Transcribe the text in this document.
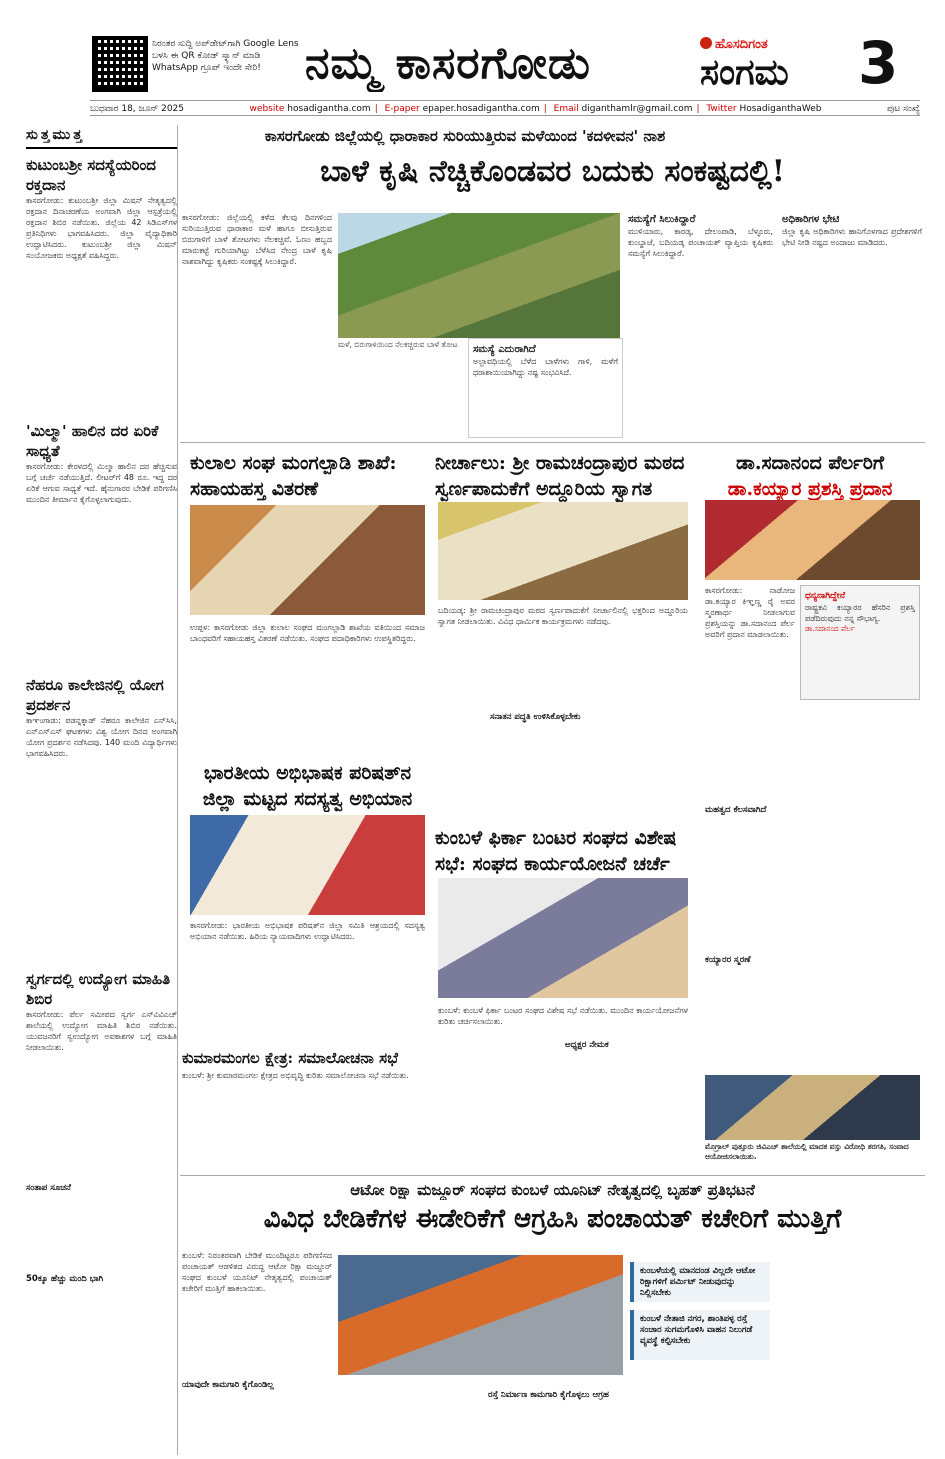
ನಿರಂತರ ಸುದ್ದಿ ಅಪ್‌ಡೇಟ್‌ಗಾಗಿ Google Lens ಬಳಸಿ ಈ QR ಕೋಡ್ ಸ್ಕ್ಯಾನ್ ಮಾಡಿ WhatsApp ಗ್ರೂಪ್ ಇಂದೇ ಸೇರಿ!	ನಮ್ಮ ಕಾಸರಗೋಡು	ಹೊಸದಿಗಂತ
ಸಂಗಮ 3
ಬುಧವಾರ 18, ಜೂನ್ 2025	website hosadigantha.com | E-paper epaper.hosadigantha.com | Email diganthamlr@gmail.com | Twitter HosadiganthaWeb	ಪುಟ ಸಂಖ್ಯೆ
ಸುತ್ತಮುತ್ತ
ಕುಟುಂಬಶ್ರೀ ಸದಸ್ಯೆಯರಿಂದ ರಕ್ತದಾನ

ಕಾಸರಗೋಡು: ಕುಟುಂಬಶ್ರೀ ಜಿಲ್ಲಾ ಮಿಷನ್ ನೇತೃತ್ವದಲ್ಲಿ ರಕ್ತದಾನ ದಿನಾಚರಣೆಯ ಅಂಗವಾಗಿ ಜಿಲ್ಲಾ ಆಸ್ಪತ್ರೆಯಲ್ಲಿ ರಕ್ತದಾನ ಶಿಬಿರ ನಡೆಯಿತು. ಜಿಲ್ಲೆಯ 42 ಸಿಡಿಎಸ್‌ಗಳ ಪ್ರತಿನಿಧಿಗಳು ಭಾಗವಹಿಸಿದರು. ಜಿಲ್ಲಾ ವೈದ್ಯಾಧಿಕಾರಿ ಉದ್ಘಾಟಿಸಿದರು. ಕುಟುಂಬಶ್ರೀ ಜಿಲ್ಲಾ ಮಿಷನ್ ಸಂಯೋಜಕರು ಅಧ್ಯಕ್ಷತೆ ವಹಿಸಿದ್ದರು.

'ಮಿಲ್ಮಾ' ಹಾಲಿನ ದರ ಏರಿಕೆ ಸಾಧ್ಯತೆ

ಕಾಸರಗೋಡು: ಕೇರಳದಲ್ಲಿ ಮಿಲ್ಮಾ ಹಾಲಿನ ದರ ಹೆಚ್ಚಿಸುವ ಬಗ್ಗೆ ಚರ್ಚೆ ನಡೆಯುತ್ತಿದೆ. ಲೀಟರ್‌ಗೆ 48 ರೂ. ಇದ್ದ ದರ ಏರಿಕೆ ಆಗುವ ಸಾಧ್ಯತೆ ಇದೆ. ಹೈನುಗಾರರ ಬೇಡಿಕೆ ಪರಿಗಣಿಸಿ ಮುಂದಿನ ತೀರ್ಮಾನ ಕೈಗೊಳ್ಳಲಾಗುವುದು.

ನೆಹರೂ ಕಾಲೇಜಿನಲ್ಲಿ ಯೋಗ ಪ್ರದರ್ಶನ

ಕಾಞಂಗಾಡು: ಪಡನ್ನಕ್ಕಾಡ್ ನೆಹರೂ ಕಾಲೇಜಿನ ಎನ್‌ಸಿಸಿ, ಎನ್‌ಎಸ್‌ಎಸ್ ಘಟಕಗಳು ವಿಶ್ವ ಯೋಗ ದಿನದ ಅಂಗವಾಗಿ ಯೋಗ ಪ್ರದರ್ಶನ ನಡೆಸಿದವು. 140 ಮಂದಿ ವಿದ್ಯಾರ್ಥಿಗಳು ಭಾಗವಹಿಸಿದರು.

ಸ್ವರ್ಗದಲ್ಲಿ ಉದ್ಯೋಗ ಮಾಹಿತಿ ಶಿಬಿರ

ಕಾಸರಗೋಡು: ಪೆರ್ಲ ಸಮೀಪದ ಸ್ವರ್ಗ ಎಸ್‌ವಿವಿಎಚ್ ಶಾಲೆಯಲ್ಲಿ ಉದ್ಯೋಗ ಮಾಹಿತಿ ಶಿಬಿರ ನಡೆಯಿತು. ಯುವಜನರಿಗೆ ಸ್ವಉದ್ಯೋಗ ಅವಕಾಶಗಳ ಬಗ್ಗೆ ಮಾಹಿತಿ ನೀಡಲಾಯಿತು.

ಸಂತಾಪ ಸೂಚನೆ
50ಕ್ಕೂ ಹೆಚ್ಚು ಮಂದಿ ಭಾಗಿ
ಕಾಸರಗೋಡು ಜಿಲ್ಲೆಯಲ್ಲಿ ಧಾರಾಕಾರ ಸುರಿಯುತ್ತಿರುವ ಮಳೆಯಿಂದ 'ಕದಳೀವನ' ನಾಶ
ಬಾಳೆ ಕೃಷಿ ನೆಚ್ಚಿಕೊಂಡವರ ಬದುಕು ಸಂಕಷ್ಟದಲ್ಲಿ!

ಕಾಸರಗೋಡು: ಜಿಲ್ಲೆಯಲ್ಲಿ ಕಳೆದ ಕೆಲವು ದಿನಗಳಿಂದ ಸುರಿಯುತ್ತಿರುವ ಧಾರಾಕಾರ ಮಳೆ ಹಾಗೂ ಬೀಸುತ್ತಿರುವ ಬಿರುಗಾಳಿಗೆ ಬಾಳೆ ತೋಟಗಳು ನೆಲಕಚ್ಚಿವೆ. ಓಣಂ ಹಬ್ಬದ ಮಾರುಕಟ್ಟೆ ಗುರಿಯಾಗಿಟ್ಟು ಬೆಳೆಸಿದ ನೇಂದ್ರ ಬಾಳೆ ಕೃಷಿ ನಾಶವಾಗಿದ್ದು ಕೃಷಿಕರು ಸಂಕಷ್ಟಕ್ಕೆ ಸಿಲುಕಿದ್ದಾರೆ.

ಮಳೆ, ಬಿರುಗಾಳಿಯಿಂದ ನೆಲಕಚ್ಚಿರುವ ಬಾಳೆ ತೋಟ	ಸಮಸ್ಯೆ ಎದುರಾಗಿದೆ

ಅಲ್ಪಾವಧಿಯಲ್ಲಿ ಬೆಳೆದ ಬಾಳೆಗಳು ಗಾಳಿ, ಮಳೆಗೆ ಧರಾಶಾಯಿಯಾಗಿದ್ದು ನಷ್ಟ ಸಂಭವಿಸಿದೆ.

ಸಮಸ್ಯೆಗೆ ಸಿಲುಕಿದ್ದಾರೆ

ಮುಳಿಯಾರು, ಕಾರಡ್ಕ, ದೇಲಂಪಾಡಿ, ಬೆಳ್ಳೂರು, ಕುಂಬ್ಡಾಜೆ, ಬದಿಯಡ್ಕ ಪಂಚಾಯತ್ ವ್ಯಾಪ್ತಿಯ ಕೃಷಿಕರು ಸಮಸ್ಯೆಗೆ ಸಿಲುಕಿದ್ದಾರೆ.

ಅಧಿಕಾರಿಗಳ ಭೇಟಿ

ಜಿಲ್ಲಾ ಕೃಷಿ ಅಧಿಕಾರಿಗಳು ಹಾನಿಗೊಳಗಾದ ಪ್ರದೇಶಗಳಿಗೆ ಭೇಟಿ ನೀಡಿ ನಷ್ಟದ ಅಂದಾಜು ಮಾಡಿದರು.

ಕುಲಾಲ ಸಂಘ ಮಂಗಲ್ಪಾಡಿ ಶಾಖೆ: ಸಹಾಯಹಸ್ತ ವಿತರಣೆ

ಉಪ್ಪಳ: ಕಾಸರಗೋಡು ಜಿಲ್ಲಾ ಕುಲಾಲ ಸಂಘದ ಮಂಗಲ್ಪಾಡಿ ಶಾಖೆಯ ವತಿಯಿಂದ ಸಮಾಜ ಬಾಂಧವರಿಗೆ ಸಹಾಯಹಸ್ತ ವಿತರಣೆ ನಡೆಯಿತು. ಸಂಘದ ಪದಾಧಿಕಾರಿಗಳು ಉಪಸ್ಥಿತರಿದ್ದರು.

ನೀರ್ಚಾಲು: ಶ್ರೀ ರಾಮಚಂದ್ರಾಪುರ ಮಠದ ಸ್ವರ್ಣಪಾದುಕೆಗೆ ಅದ್ದೂರಿಯ ಸ್ವಾಗತ

ಬದಿಯಡ್ಕ: ಶ್ರೀ ರಾಮಚಂದ್ರಾಪುರ ಮಠದ ಸ್ವರ್ಣಪಾದುಕೆಗೆ ನೀರ್ಚಾಲಿನಲ್ಲಿ ಭಕ್ತರಿಂದ ಅದ್ದೂರಿಯ ಸ್ವಾಗತ ನೀಡಲಾಯಿತು. ವಿವಿಧ ಧಾರ್ಮಿಕ ಕಾರ್ಯಕ್ರಮಗಳು ನಡೆದವು.

ಸನಾತನ ಪದ್ಧತಿ ಉಳಿಸಿಕೊಳ್ಳಬೇಕು
ಡಾ.ಸದಾನಂದ ಪೆರ್ಲರಿಗೆ
ಡಾ.ಕಯ್ಯಾರ ಪ್ರಶಸ್ತಿ ಪ್ರದಾನ
ಧನ್ಯನಾಗಿದ್ದೇನೆ

ರಾಷ್ಟ್ರಕವಿ ಕಯ್ಯಾರರ ಹೆಸರಿನ ಪ್ರಶಸ್ತಿ ಪಡೆದಿರುವುದು ನನ್ನ ಸೌಭಾಗ್ಯ.

ಡಾ.ಸದಾನಂದ ಪೆರ್ಲ

ಕಾಸರಗೋಡು: ನಾಡೋಜ ಡಾ.ಕಯ್ಯಾರ ಕಿಞ್ಞಣ್ಣ ರೈ ಅವರ ಸ್ಮರಣಾರ್ಥ ನೀಡಲಾಗುವ ಪ್ರಶಸ್ತಿಯನ್ನು ಡಾ.ಸದಾನಂದ ಪೆರ್ಲ ಅವರಿಗೆ ಪ್ರದಾನ ಮಾಡಲಾಯಿತು.

ಮಹತ್ವದ ಕೆಲಸವಾಗಿದೆ
ಕಯ್ಯಾರರ ಸ್ಮರಣೆ
ಭಾರತೀಯ ಅಭಿಭಾಷಕ ಪರಿಷತ್‌ನ ಜಿಲ್ಲಾ ಮಟ್ಟದ ಸದಸ್ಯತ್ವ ಅಭಿಯಾನ

ಕಾಸರಗೋಡು: ಭಾರತೀಯ ಅಭಿಭಾಷಕ ಪರಿಷತ್‌ನ ಜಿಲ್ಲಾ ಸಮಿತಿ ಆಶ್ರಯದಲ್ಲಿ ಸದಸ್ಯತ್ವ ಅಭಿಯಾನ ನಡೆಯಿತು. ಹಿರಿಯ ನ್ಯಾಯವಾದಿಗಳು ಉದ್ಘಾಟಿಸಿದರು.

ಕುಂಬಳೆ ಫಿರ್ಕಾ ಬಂಟರ ಸಂಘದ ವಿಶೇಷ ಸಭೆ: ಸಂಘದ ಕಾರ್ಯಯೋಜನೆ ಚರ್ಚೆ

ಕುಂಬಳೆ: ಕುಂಬಳೆ ಫಿರ್ಕಾ ಬಂಟರ ಸಂಘದ ವಿಶೇಷ ಸಭೆ ನಡೆಯಿತು. ಮುಂದಿನ ಕಾರ್ಯಯೋಜನೆಗಳ ಕುರಿತು ಚರ್ಚಿಸಲಾಯಿತು.

ಅಧ್ಯಕ್ಷರ ನೇಮಕ
ಕುಮಾರಮಂಗಲ ಕ್ಷೇತ್ರ: ಸಮಾಲೋಚನಾ ಸಭೆ

ಕುಂಬಳೆ: ಶ್ರೀ ಕುಮಾರಮಂಗಲ ಕ್ಷೇತ್ರದ ಅಭಿವೃದ್ಧಿ ಕುರಿತು ಸಮಾಲೋಚನಾ ಸಭೆ ನಡೆಯಿತು.

ಮೊಗ್ರಾಲ್ ಪುತ್ತೂರು ಜಿವಿಎಚ್ ಶಾಲೆಯಲ್ಲಿ ಮಾದಕ ವಸ್ತು ವಿರೋಧಿ ತರಗತಿ, ಸಂವಾದ ಆಯೋಜಿಸಲಾಯಿತು.
ಆಟೋ ರಿಕ್ಷಾ ಮಜ್ದೂರ್ ಸಂಘದ ಕುಂಬಳೆ ಯೂನಿಟ್ ನೇತೃತ್ವದಲ್ಲಿ ಬೃಹತ್ ಪ್ರತಿಭಟನೆ
ವಿವಿಧ ಬೇಡಿಕೆಗಳ ಈಡೇರಿಕೆಗೆ ಆಗ್ರಹಿಸಿ ಪಂಚಾಯತ್ ಕಚೇರಿಗೆ ಮುತ್ತಿಗೆ

ಕುಂಬಳೆ: ನಿರಂತರವಾಗಿ ಬೇಡಿಕೆ ಮುಂದಿಟ್ಟರೂ ಪರಿಗಣಿಸದ ಪಂಚಾಯತ್ ಆಡಳಿತದ ವಿರುದ್ಧ ಆಟೋ ರಿಕ್ಷಾ ಮಜ್ದೂರ್ ಸಂಘದ ಕುಂಬಳೆ ಯೂನಿಟ್ ನೇತೃತ್ವದಲ್ಲಿ ಪಂಚಾಯತ್ ಕಚೇರಿಗೆ ಮುತ್ತಿಗೆ ಹಾಕಲಾಯಿತು.

ಕುಂಬಳೆಯಲ್ಲಿ ಮಾನದಂಡ ವಿಲ್ಲದೇ ಆಟೋ ರಿಕ್ಷಾಗಳಿಗೆ ಪರ್ಮಿಟ್ ನೀಡುವುದನ್ನು ನಿಲ್ಲಿಸಬೇಕು
ಕುಂಬಳೆ ನೇತಾಜಿ ನಗರ, ಶಾಂತಿಪಳ್ಳ ರಸ್ತೆ ಸಂಚಾರ ಸುಗಮಗೊಳಿಸಿ ವಾಹನ ನಿಲುಗಡೆ ವ್ಯವಸ್ಥೆ ಕಲ್ಪಿಸಬೇಕು
ಯಾವುದೇ ಕಾಮಗಾರಿ ಕೈಗೊಂಡಿಲ್ಲ
ರಸ್ತೆ ನಿರ್ಮಾಣ ಕಾಮಗಾರಿ ಕೈಗೊಳ್ಳಲು ಆಗ್ರಹ
